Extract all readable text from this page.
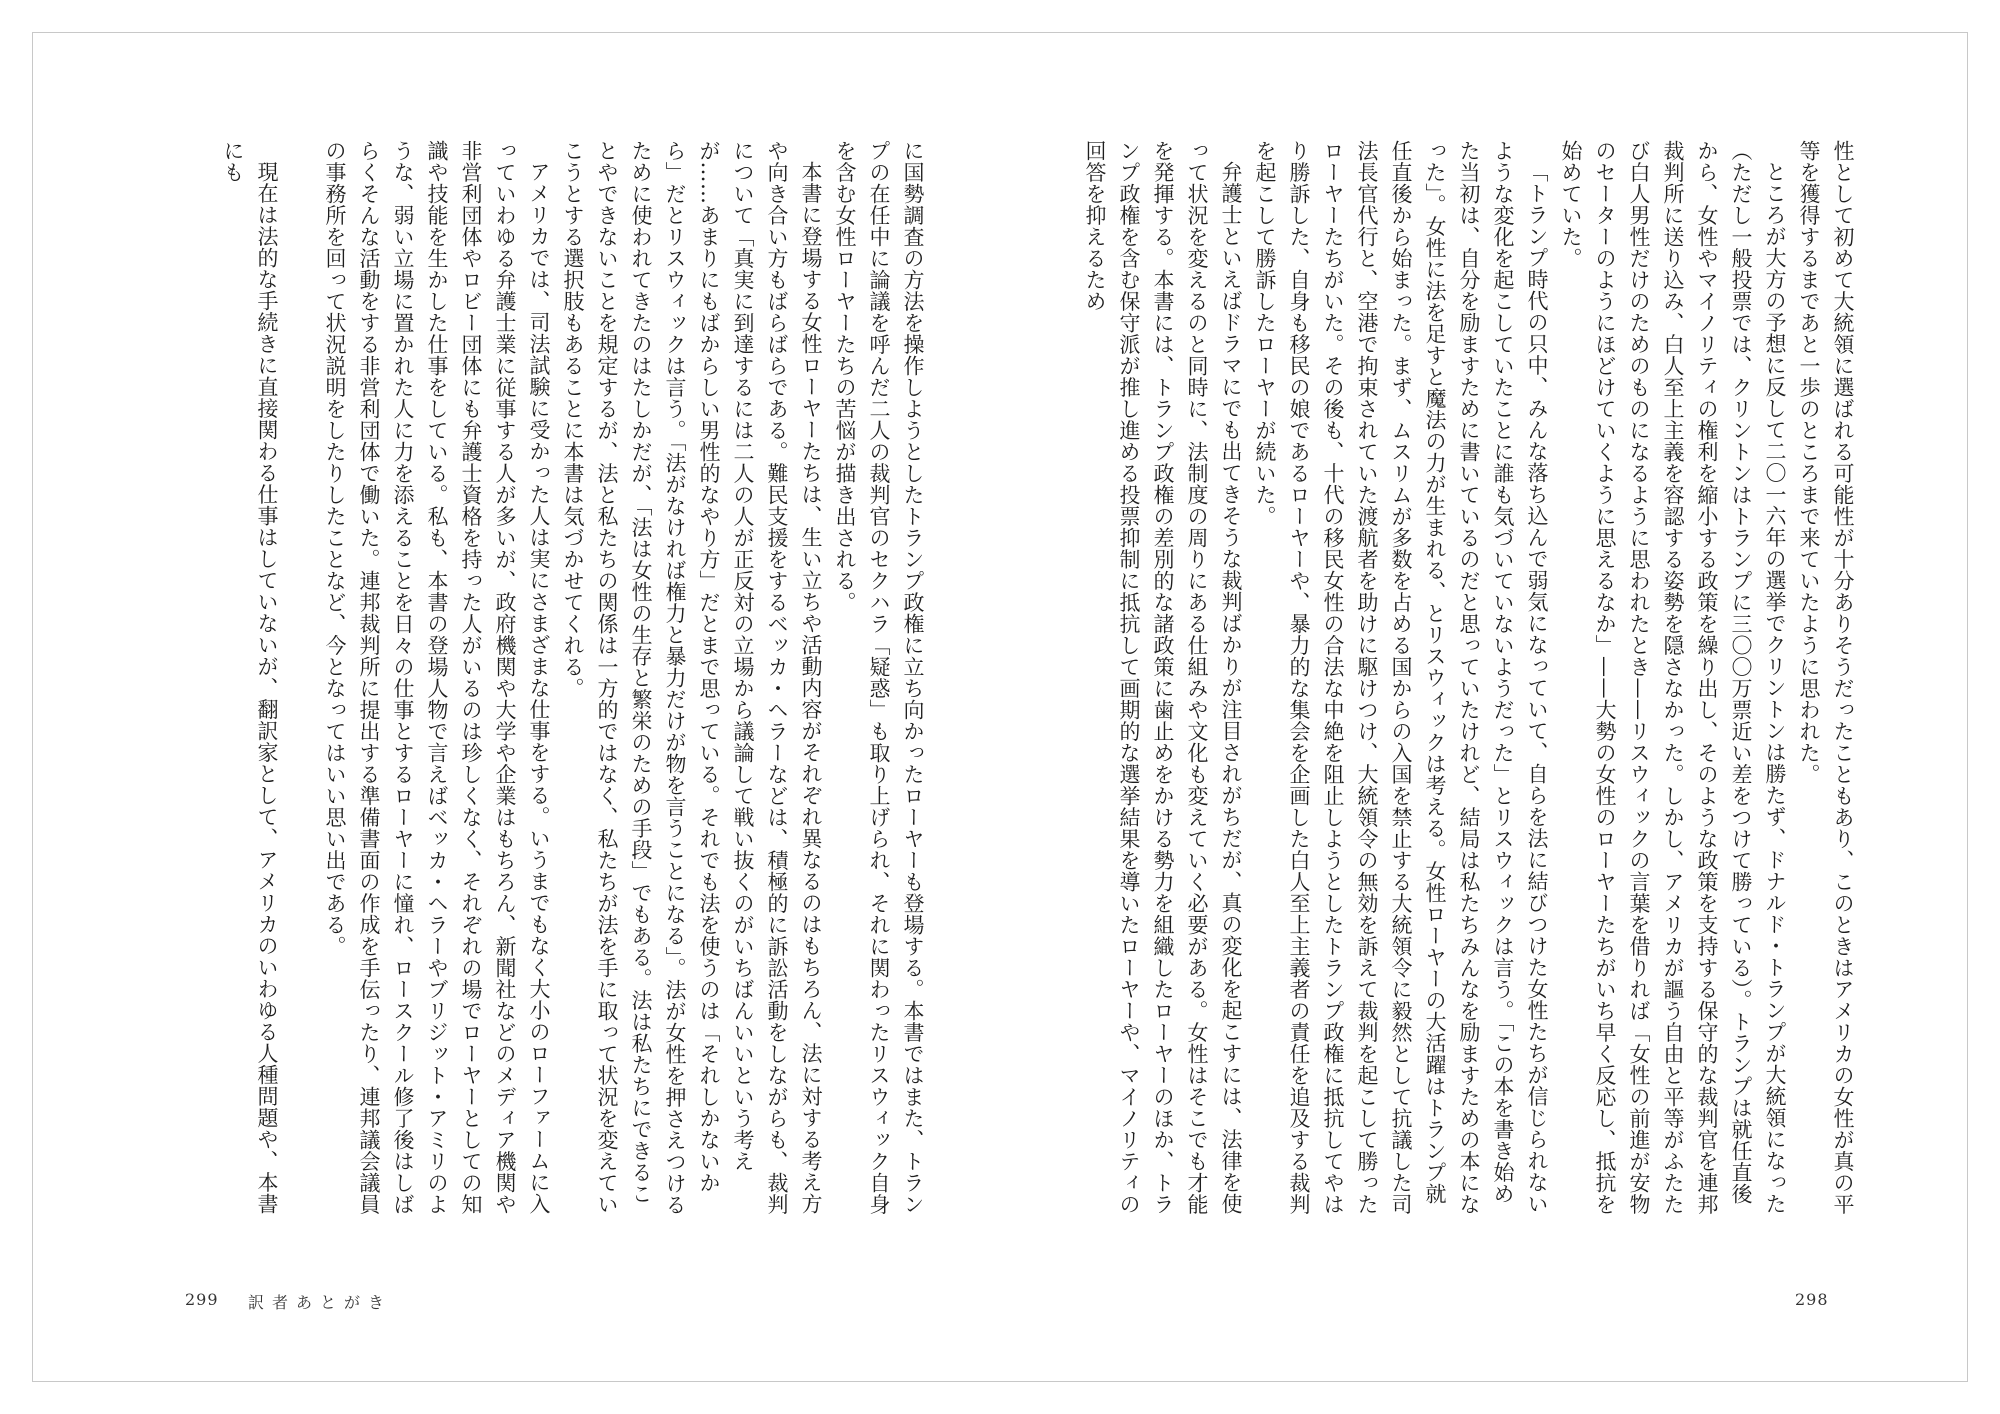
性として初めて大統領に選ばれる可能性が十分ありそうだったこともあり、このときはアメリカの女性が真の平等を獲得するまであと一歩のところまで来ていたように思われた。

ところが大方の予想に反して二〇一六年の選挙でクリントンは勝たず、ドナルド・トランプが大統領になった（ただし一般投票では、クリントンはトランプに三〇〇万票近い差をつけて勝っている）。トランプは就任直後から、女性やマイノリティの権利を縮小する政策を繰り出し、そのような政策を支持する保守的な裁判官を連邦裁判所に送り込み、白人至上主義を容認する姿勢を隠さなかった。しかし、アメリカが謳う自由と平等がふたたび白人男性だけのためのものになるように思われたとき——リスウィックの言葉を借りれば「女性の前進が安物のセーターのようにほどけていくように思えるなか」——大勢の女性のローヤーたちがいち早く反応し、抵抗を始めていた。

「トランプ時代の只中、みんな落ち込んで弱気になっていて、自らを法に結びつけた女性たちが信じられないような変化を起こしていたことに誰も気づいていないようだった」とリスウィックは言う。「この本を書き始めた当初は、自分を励ますために書いているのだと思っていたけれど、結局は私たちみんなを励ますための本になった」。女性に法を足すと魔法の力が生まれる、とリスウィックは考える。女性ローヤーの大活躍はトランプ就任直後から始まった。まず、ムスリムが多数を占める国からの入国を禁止する大統領令に毅然として抗議した司法長官代行と、空港で拘束されていた渡航者を助けに駆けつけ、大統領令の無効を訴えて裁判を起こして勝ったローヤーたちがいた。その後も、十代の移民女性の合法な中絶を阻止しようとしたトランプ政権に抵抗してやはり勝訴した、自身も移民の娘であるローヤーや、暴力的な集会を企画した白人至上主義者の責任を追及する裁判を起こして勝訴したローヤーが続いた。

弁護士といえばドラマにでも出てきそうな裁判ばかりが注目されがちだが、真の変化を起こすには、法律を使って状況を変えるのと同時に、法制度の周りにある仕組みや文化も変えていく必要がある。女性はそこでも才能を発揮する。本書には、トランプ政権の差別的な諸政策に歯止めをかける勢力を組織したローヤーのほか、トランプ政権を含む保守派が推し進める投票抑制に抵抗して画期的な選挙結果を導いたローヤーや、マイノリティの回答を抑えるため

に国勢調査の方法を操作しようとしたトランプ政権に立ち向かったローヤーも登場する。本書ではまた、トランプの在任中に論議を呼んだ二人の裁判官のセクハラ「疑惑」も取り上げられ、それに関わったリスウィック自身を含む女性ローヤーたちの苦悩が描き出される。

本書に登場する女性ローヤーたちは、生い立ちや活動内容がそれぞれ異なるのはもちろん、法に対する考え方や向き合い方もばらばらである。難民支援をするベッカ・ヘラーなどは、積極的に訴訟活動をしながらも、裁判について「真実に到達するには二人の人が正反対の立場から議論して戦い抜くのがいちばんいいという考えが……あまりにもばからしい男性的なやり方」だとまで思っている。それでも法を使うのは「それしかないから」だとリスウィックは言う。「法がなければ権力と暴力だけが物を言うことになる」。法が女性を押さえつけるために使われてきたのはたしかだが、「法は女性の生存と繁栄のための手段」でもある。法は私たちにできることやできないことを規定するが、法と私たちの関係は一方的ではなく、私たちが法を手に取って状況を変えていこうとする選択肢もあることに本書は気づかせてくれる。

アメリカでは、司法試験に受かった人は実にさまざまな仕事をする。いうまでもなく大小のローファームに入っていわゆる弁護士業に従事する人が多いが、政府機関や大学や企業はもちろん、新聞社などのメディア機関や非営利団体やロビー団体にも弁護士資格を持った人がいるのは珍しくなく、それぞれの場でローヤーとしての知識や技能を生かした仕事をしている。私も、本書の登場人物で言えばベッカ・ヘラーやブリジット・アミリのような、弱い立場に置かれた人に力を添えることを日々の仕事とするローヤーに憧れ、ロースクール修了後はしばらくそんな活動をする非営利団体で働いた。連邦裁判所に提出する準備書面の作成を手伝ったり、連邦議会議員の事務所を回って状況説明をしたりしたことなど、今となってはいい思い出である。

現在は法的な手続きに直接関わる仕事はしていないが、翻訳家として、アメリカのいわゆる人種問題や、本書にも

299 訳者あとがき	298
